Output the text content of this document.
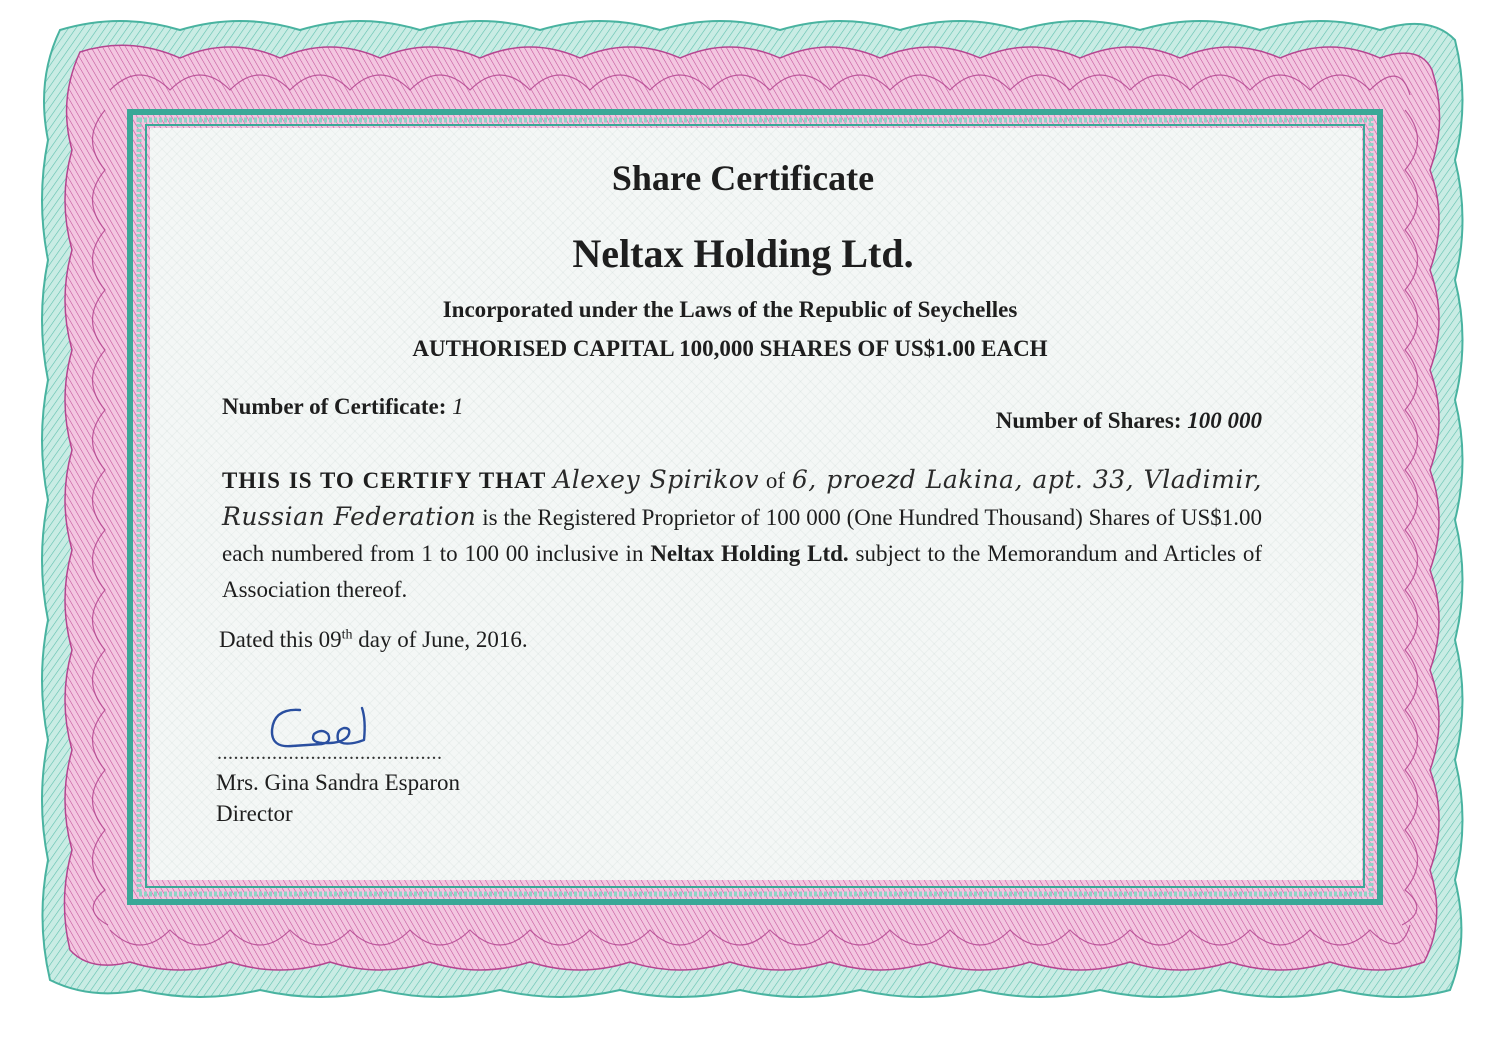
Share Certificate
Neltax Holding Ltd.
Incorporated under the Laws of the Republic of Seychelles
AUTHORISED CAPITAL 100,000 SHARES OF US$1.00 EACH
Number of Certificate: 1
Number of Shares: 100 000
THIS IS TO CERTIFY THAT Alexey Spirikov of 6, proezd Lakina, apt. 33, Vladimir, Russian Federation is the Registered Proprietor of 100 000 (One Hundred Thousand) Shares of US$1.00 each numbered from 1 to 100 00 inclusive in Neltax Holding Ltd. subject to the Memorandum and Articles of Association thereof.
Dated this 09th day of June, 2016.
.........................................
Mrs. Gina Sandra Esparon
Director
